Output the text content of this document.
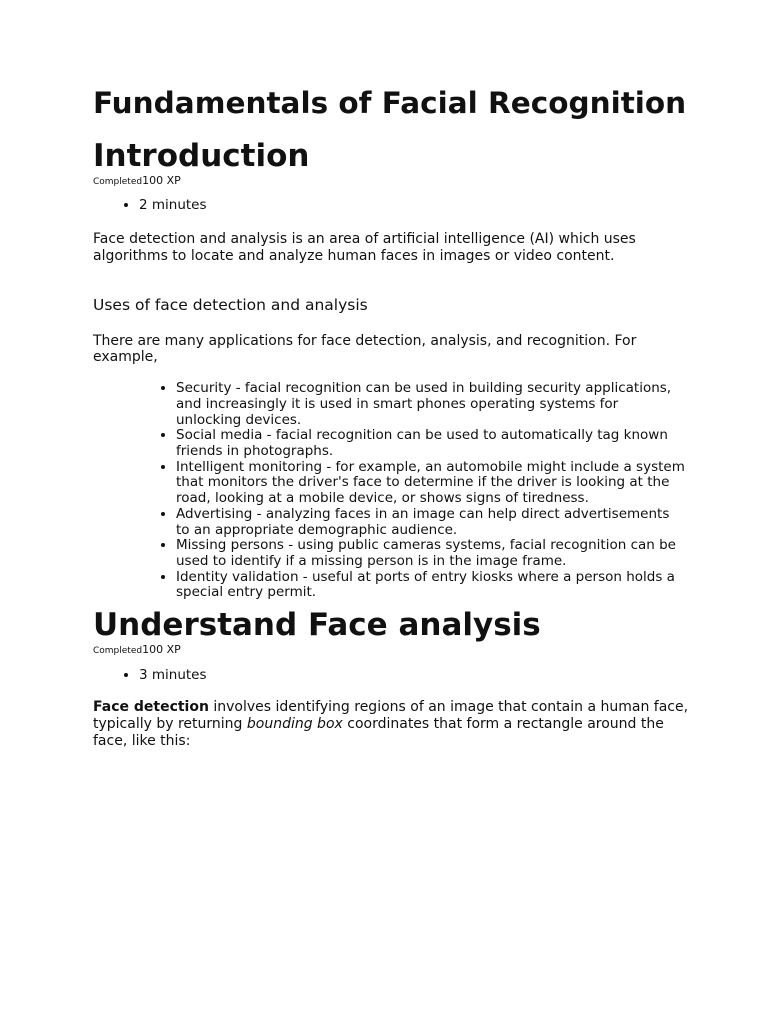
Fundamentals of Facial Recognition
Introduction
Completed100 XP
• 2 minutes

Face detection and analysis is an area of artificial intelligence (AI) which uses algorithms to locate and analyze human faces in images or video content.

Uses of face detection and analysis

There are many applications for face detection, analysis, and recognition. For example,

• Security - facial recognition can be used in building security applications, and increasingly it is used in smart phones operating systems for unlocking devices.
• Social media - facial recognition can be used to automatically tag known friends in photographs.
• Intelligent monitoring - for example, an automobile might include a system that monitors the driver's face to determine if the driver is looking at the road, looking at a mobile device, or shows signs of tiredness.
• Advertising - analyzing faces in an image can help direct advertisements to an appropriate demographic audience.
• Missing persons - using public cameras systems, facial recognition can be used to identify if a missing person is in the image frame.
• Identity validation - useful at ports of entry kiosks where a person holds a special entry permit.
Understand Face analysis
Completed100 XP
• 3 minutes

Face detection involves identifying regions of an image that contain a human face, typically by returning bounding box coordinates that form a rectangle around the face, like this:
